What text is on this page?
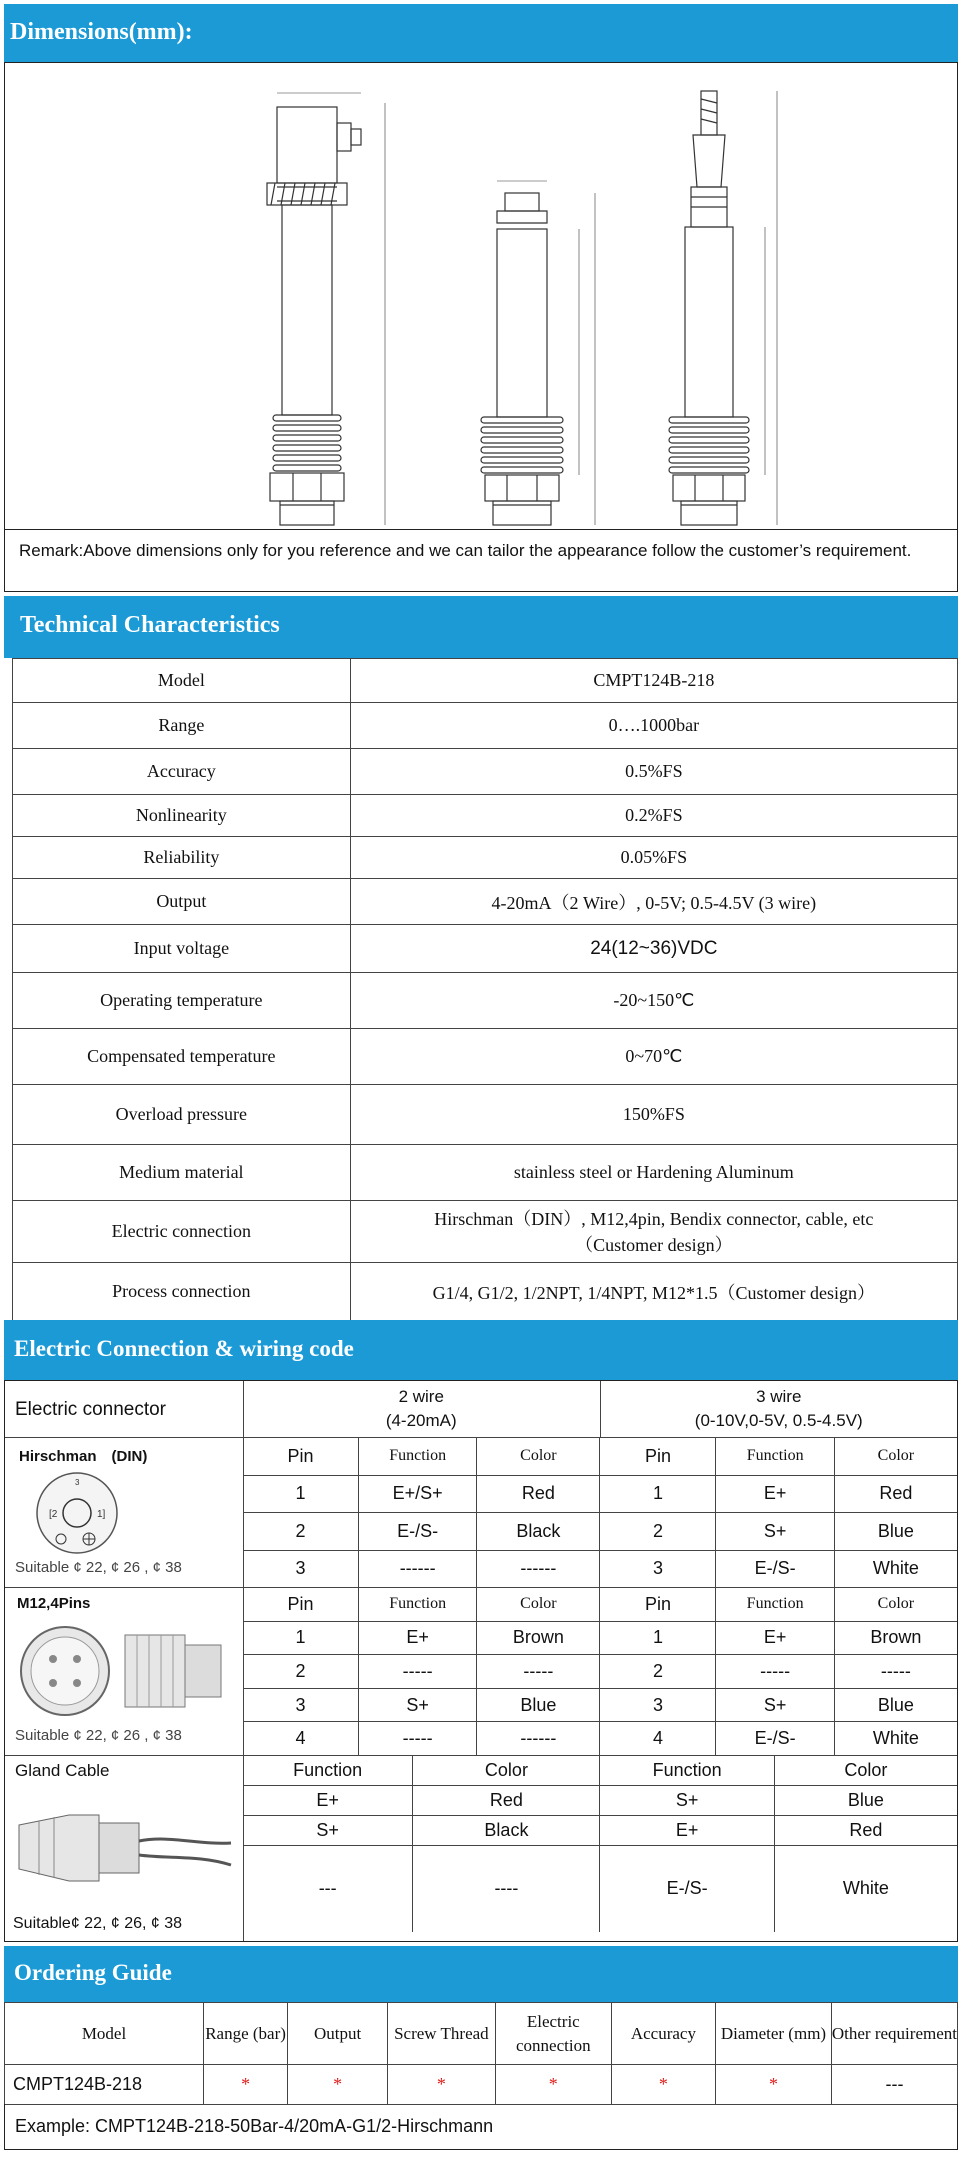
Dimensions(mm):
Remark:Above dimensions only for you reference and we can tailor the appearance follow the customer’s requirement.
Technical Characteristics
Model	CMPT124B-218

Range	0….1000bar

Accuracy	0.5%FS

Nonlinearity	0.2%FS

Reliability	0.05%FS

Output	4-20mA（2 Wire）, 0-5V; 0.5-4.5V (3 wire)

Input voltage	24(12~36)VDC

Operating temperature	-20~150℃

Compensated temperature	0~70℃

Overload pressure	150%FS

Medium material	stainless steel or Hardening Aluminum

Electric connection	Hirschman（DIN）, M12,4pin, Bendix connector, cable, etc
（Customer design）

Process connection	G1/4, G1/2, 1/2NPT, 1/4NPT, M12*1.5（Customer design）
Electric Connection & wiring code
Electric connector
Hirschman　(DIN)
3
[2	1]
Suitable ¢ 22, ¢ 26 , ¢ 38
M12,4Pins
Suitable ¢ 22, ¢ 26 , ¢ 38
Gland Cable
Suitable¢ 22, ¢ 26, ¢ 38
2 wire
(4-20mA)

3 wire
(0-10V,0-5V, 0.5-4.5V)
Pin	Function	Color	Pin	Function	Color
1	E+/S+	Red	1	E+	Red
2	E-/S-	Black	2	S+	Blue
3	------	------	3	E-/S-	White
Pin	Function	Color	Pin	Function	Color
1	E+	Brown	1	E+	Brown
2	-----	-----	2	-----	-----
3	S+	Blue	3	S+	Blue
4	-----	------	4	E-/S-	White
Function	Color	Function	Color
E+	Red	S+	Blue
S+	Black	E+	Red
---	----	E-/S-	White
Ordering Guide
Model	Range (bar)	Output	Screw Thread	Electric connection	Accuracy	Diameter (mm)	Other requirement
CMPT124B-218	*	*	*	*	*	*	---
Example: CMPT124B-218-50Bar-4/20mA-G1/2-Hirschmann
